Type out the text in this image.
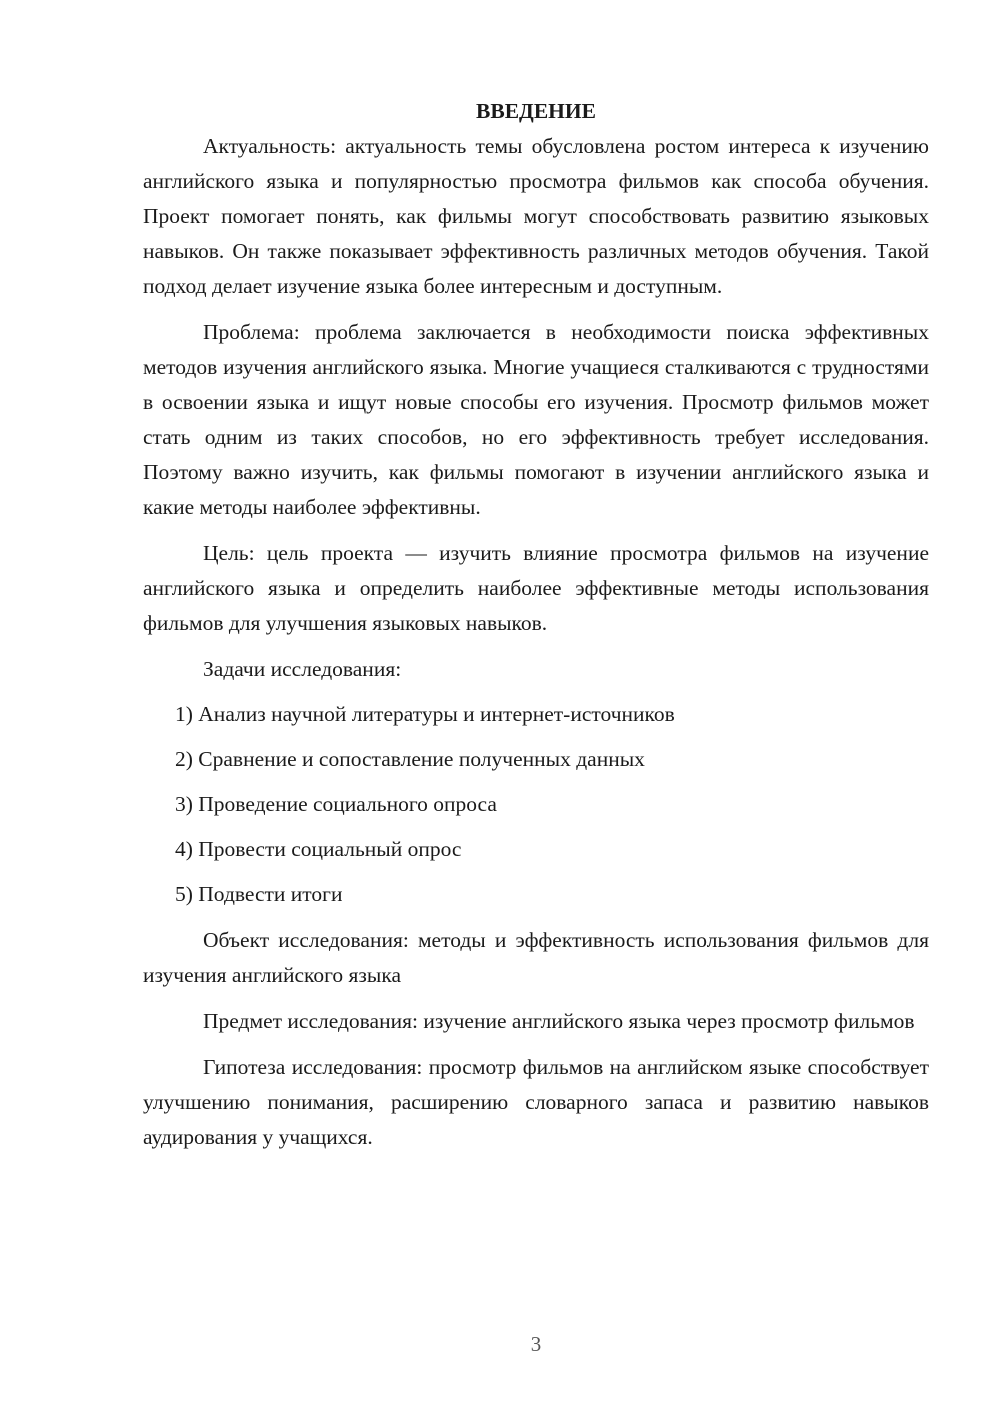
ВВЕДЕНИЕ

Актуальность: актуальность темы обусловлена ростом интереса к изучению английского языка и популярностью просмотра фильмов как способа обучения. Проект помогает понять, как фильмы могут способствовать развитию языковых навыков. Он также показывает эффективность различных методов обучения. Такой подход делает изучение языка более интересным и доступным.

Проблема: проблема заключается в необходимости поиска эффективных методов изучения английского языка. Многие учащиеся сталкиваются с трудностями в освоении языка и ищут новые способы его изучения. Просмотр фильмов может стать одним из таких способов, но его эффективность требует исследования. Поэтому важно изучить, как фильмы помогают в изучении английского языка и какие методы наиболее эффективны.

Цель: цель проекта — изучить влияние просмотра фильмов на изучение английского языка и определить наиболее эффективные методы использования фильмов для улучшения языковых навыков.

Задачи исследования:

1) Анализ научной литературы и интернет-источников

2) Сравнение и сопоставление полученных данных

3) Проведение социального опроса

4) Провести социальный опрос

5) Подвести итоги

Объект исследования: методы и эффективность использования фильмов для изучения английского языка

Предмет исследования: изучение английского языка через просмотр фильмов

Гипотеза исследования: просмотр фильмов на английском языке способствует улучшению понимания, расширению словарного запаса и развитию навыков аудирования у учащихся.

3
